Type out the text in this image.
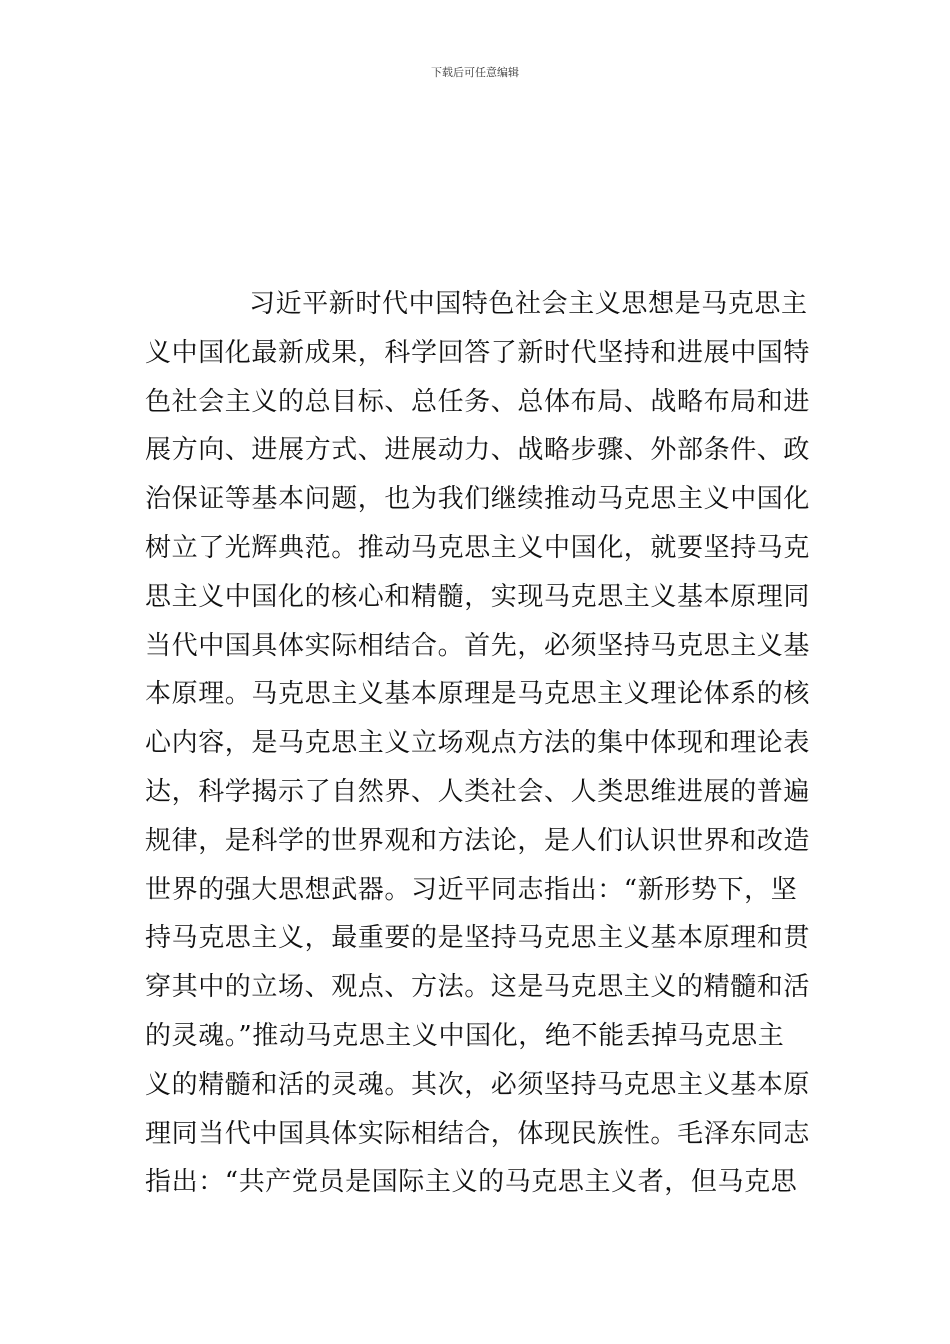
下载后可任意编辑
习近平新时代中国特色社会主义思想是马克思主
义中国化最新成果，科学回答了新时代坚持和进展中国特
色社会主义的总目标、总任务、总体布局、战略布局和进
展方向、进展方式、进展动力、战略步骤、外部条件、政
治保证等基本问题，也为我们继续推动马克思主义中国化
树立了光辉典范。推动马克思主义中国化，就要坚持马克
思主义中国化的核心和精髓，实现马克思主义基本原理同
当代中国具体实际相结合。首先，必须坚持马克思主义基
本原理。马克思主义基本原理是马克思主义理论体系的核
心内容，是马克思主义立场观点方法的集中体现和理论表
达，科学揭示了自然界、人类社会、人类思维进展的普遍
规律，是科学的世界观和方法论，是人们认识世界和改造
世界的强大思想武器。习近平同志指出：“新形势下，坚
持马克思主义，最重要的是坚持马克思主义基本原理和贯
穿其中的立场、观点、方法。这是马克思主义的精髓和活
的灵魂。”推动马克思主义中国化，绝不能丢掉马克思主
义的精髓和活的灵魂。其次，必须坚持马克思主义基本原
理同当代中国具体实际相结合，体现民族性。毛泽东同志
指出：“共产党员是国际主义的马克思主义者，但马克思
